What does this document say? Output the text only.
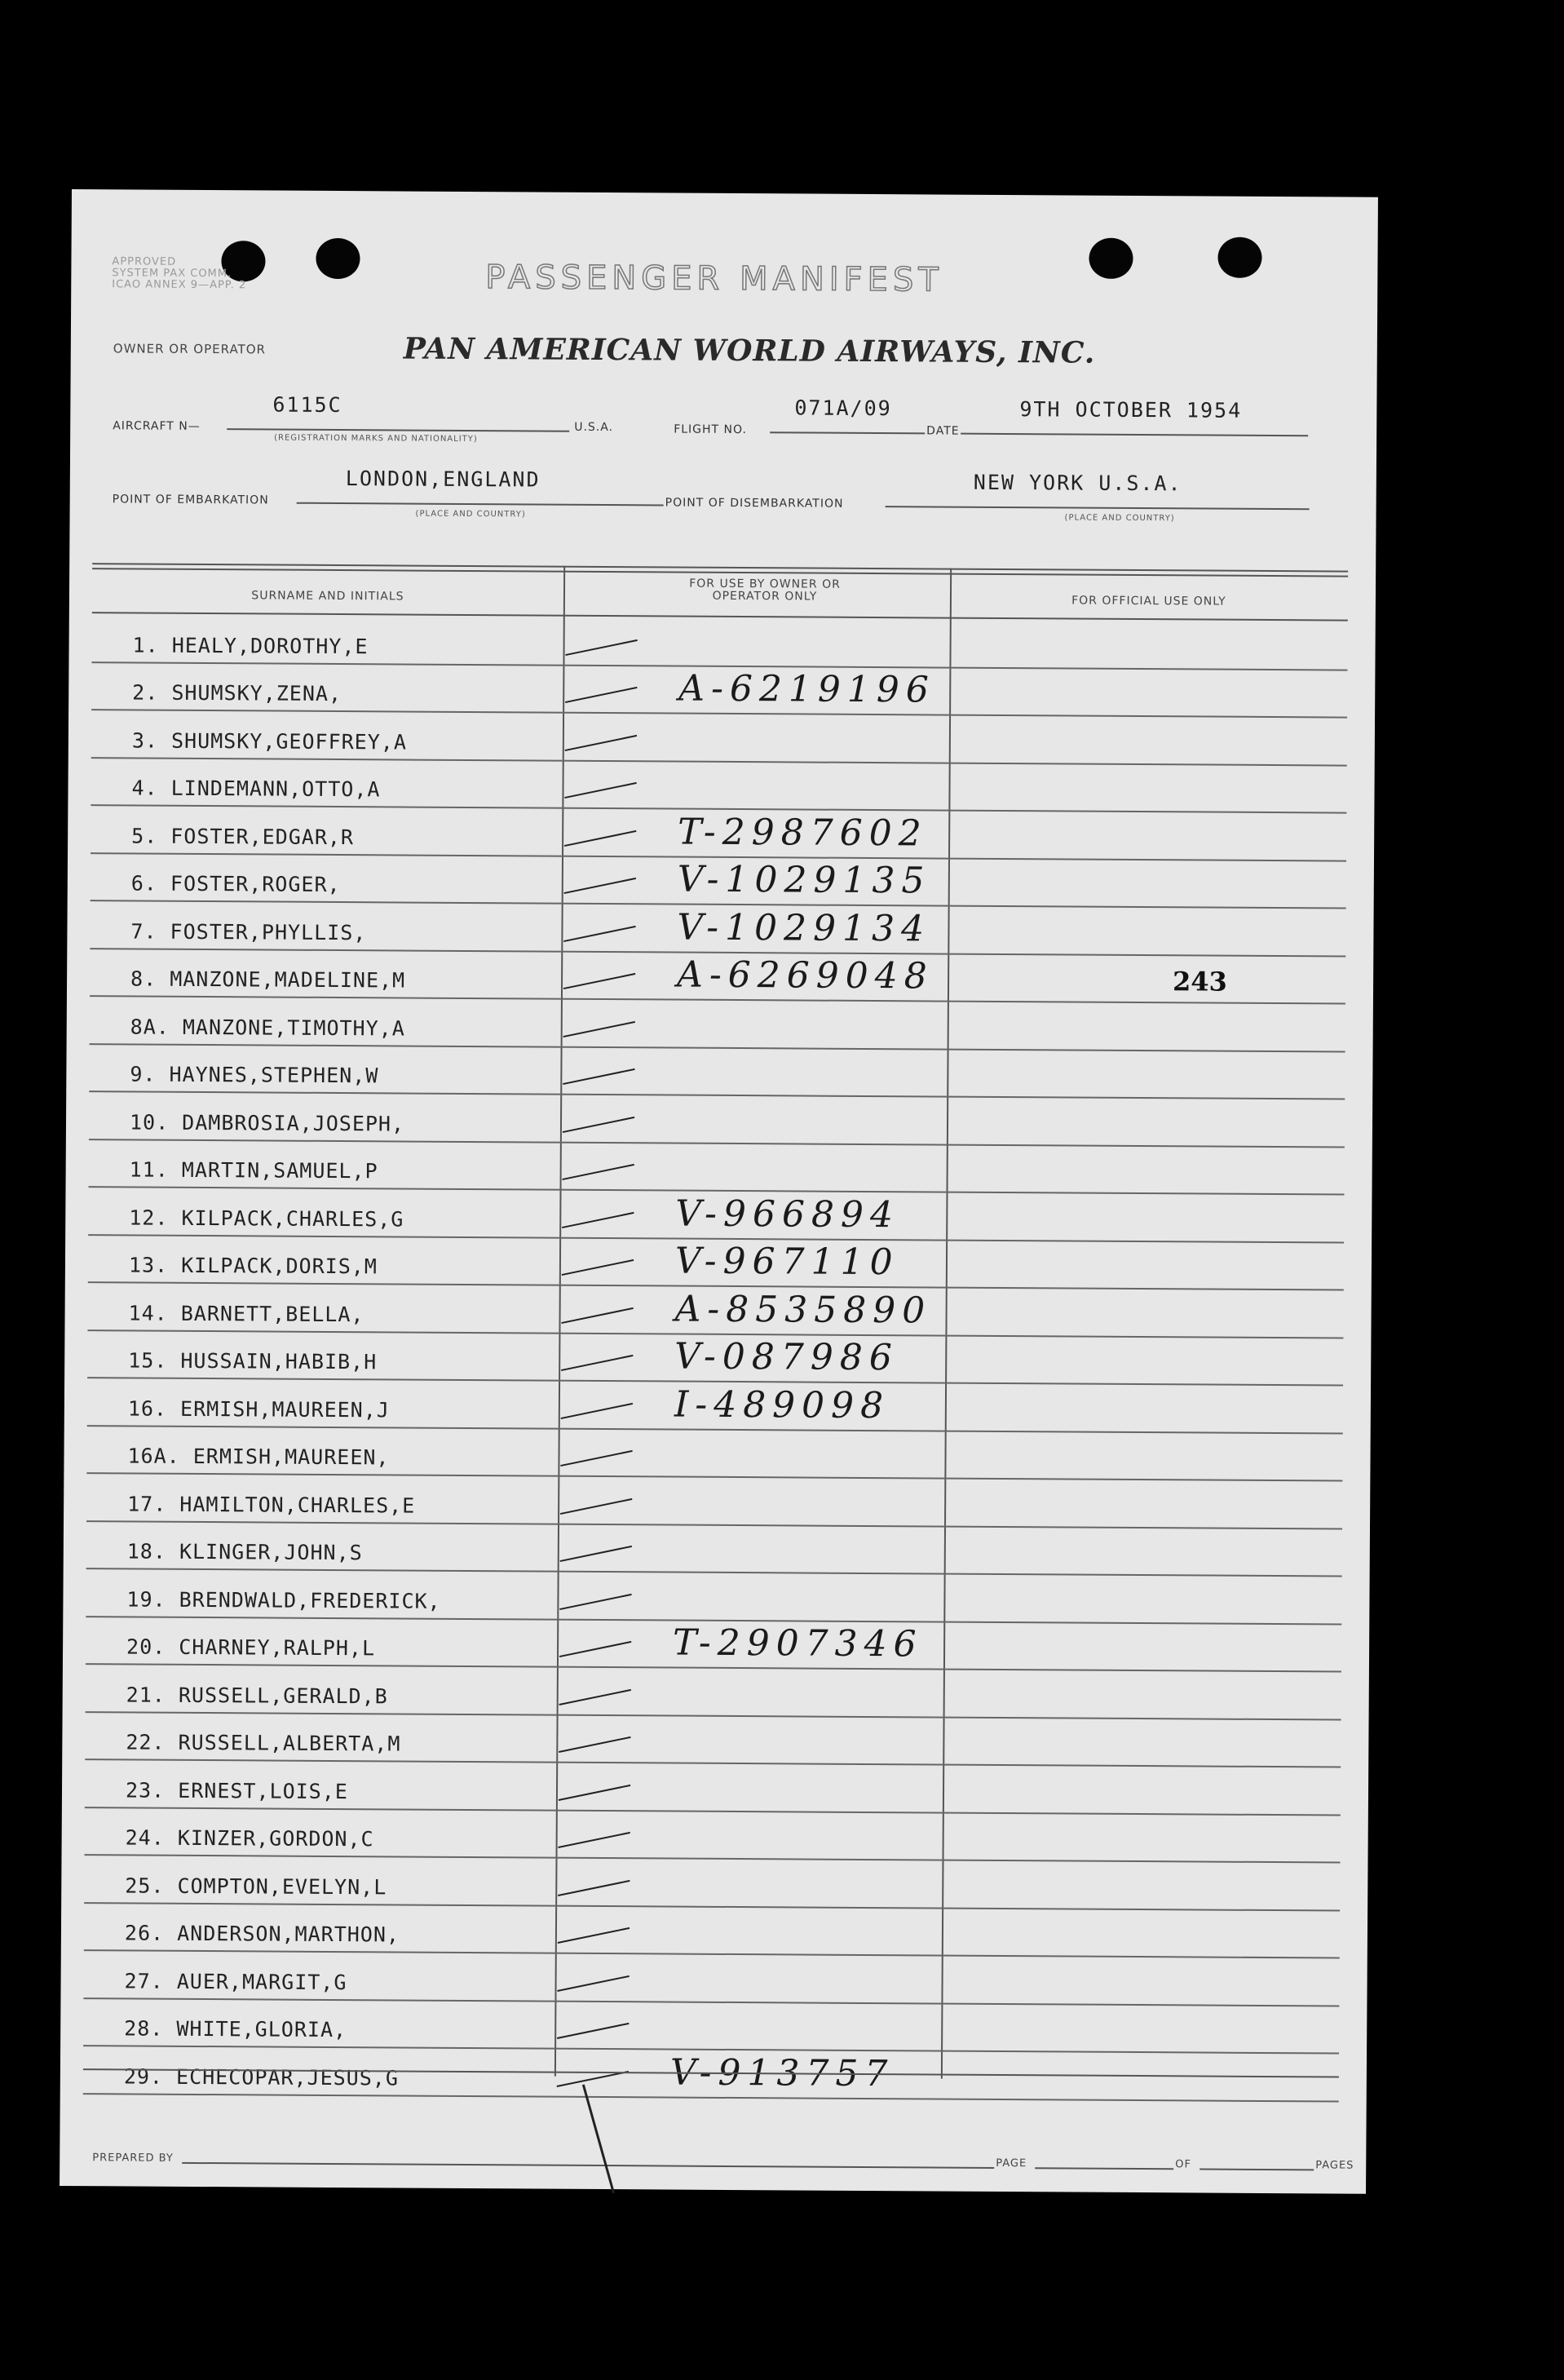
APPROVED
SYSTEM PAX COMM.
ICAO ANNEX 9—APP. 2	PASSENGER MANIFEST
OWNER OR OPERATOR	PAN AMERICAN WORLD AIRWAYS, INC.
AIRCRAFT N—
6115C
(REGISTRATION MARKS AND NATIONALITY)
U.S.A.	FLIGHT NO.
071A/09
DATE
9TH OCTOBER 1954
POINT OF EMBARKATION
LONDON,ENGLAND
(PLACE AND COUNTRY)
POINT OF DISEMBARKATION
NEW YORK U.S.A.
(PLACE AND COUNTRY)
SURNAME AND INITIALS
FOR USE BY OWNER OR OPERATOR ONLY	FOR OFFICIAL USE ONLY
1. HEALY,DOROTHY,E
2. SHUMSKY,ZENA,	A-6219196
3. SHUMSKY,GEOFFREY,A
4. LINDEMANN,OTTO,A
5. FOSTER,EDGAR,R	T-2987602
6. FOSTER,ROGER,	V-1029135
7. FOSTER,PHYLLIS,	V-1029134
8. MANZONE,MADELINE,M	A-6269048	243
8A. MANZONE,TIMOTHY,A
9. HAYNES,STEPHEN,W
10. DAMBROSIA,JOSEPH,
11. MARTIN,SAMUEL,P
12. KILPACK,CHARLES,G	V-966894
13. KILPACK,DORIS,M	V-967110
14. BARNETT,BELLA,	A-8535890
15. HUSSAIN,HABIB,H	V-087986
16. ERMISH,MAUREEN,J	I-489098
16A. ERMISH,MAUREEN,
17. HAMILTON,CHARLES,E
18. KLINGER,JOHN,S
19. BRENDWALD,FREDERICK,
20. CHARNEY,RALPH,L	T-2907346
21. RUSSELL,GERALD,B
22. RUSSELL,ALBERTA,M
23. ERNEST,LOIS,E
24. KINZER,GORDON,C
25. COMPTON,EVELYN,L
26. ANDERSON,MARTHON,
27. AUER,MARGIT,G
28. WHITE,GLORIA,
29. ECHECOPAR,JESUS,G	V-913757
PREPARED BY	PAGE	OF	PAGES
